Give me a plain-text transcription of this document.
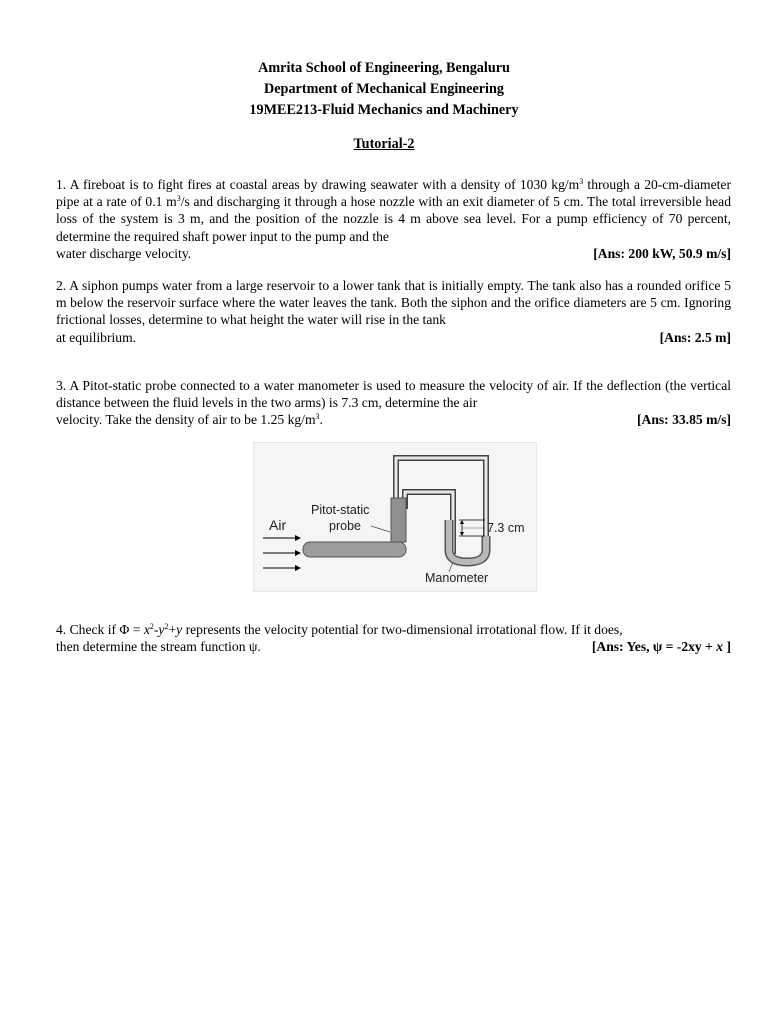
Amrita School of Engineering, Bengaluru
Department of Mechanical Engineering
19MEE213-Fluid Mechanics and Machinery
Tutorial-2
1. A fireboat is to fight fires at coastal areas by drawing seawater with a density of 1030 $kg/m^3$ through a 20-cm-diameter pipe at a rate of 0.1 $m^3/s$ and discharging it through a hose nozzle with an exit diameter of 5 cm. The total irreversible head loss of the system is 3 m, and the position of the nozzle is 4 m above sea level. For a pump efficiency of 70 percent, determine the required shaft power input to the pump and the
water discharge velocity.	[Ans: 200 kW, 50.9 m/s]
2. A siphon pumps water from a large reservoir to a lower tank that is initially empty. The tank also has a rounded orifice 5 m below the reservoir surface where the water leaves the tank. Both the siphon and the orifice diameters are 5 cm. Ignoring frictional losses, determine to what height the water will rise in the tank
at equilibrium.	[Ans: 2.5 m]
3. A Pitot-static probe connected to a water manometer is used to measure the velocity of air. If the deflection (the vertical distance between the fluid levels in the two arms) is 7.3 cm, determine the air
velocity. Take the density of air to be 1.25 $kg/m^3$.	[Ans: 33.85 m/s]
Air
Pitot-static
probe	7.3 cm
Manometer
4. Check if $\Phi = x^2-y^2+y$ represents the velocity potential for two-dimensional irrotational flow. If it does,
then determine the stream function ψ.	[Ans: Yes, ψ = -2xy + x ]
